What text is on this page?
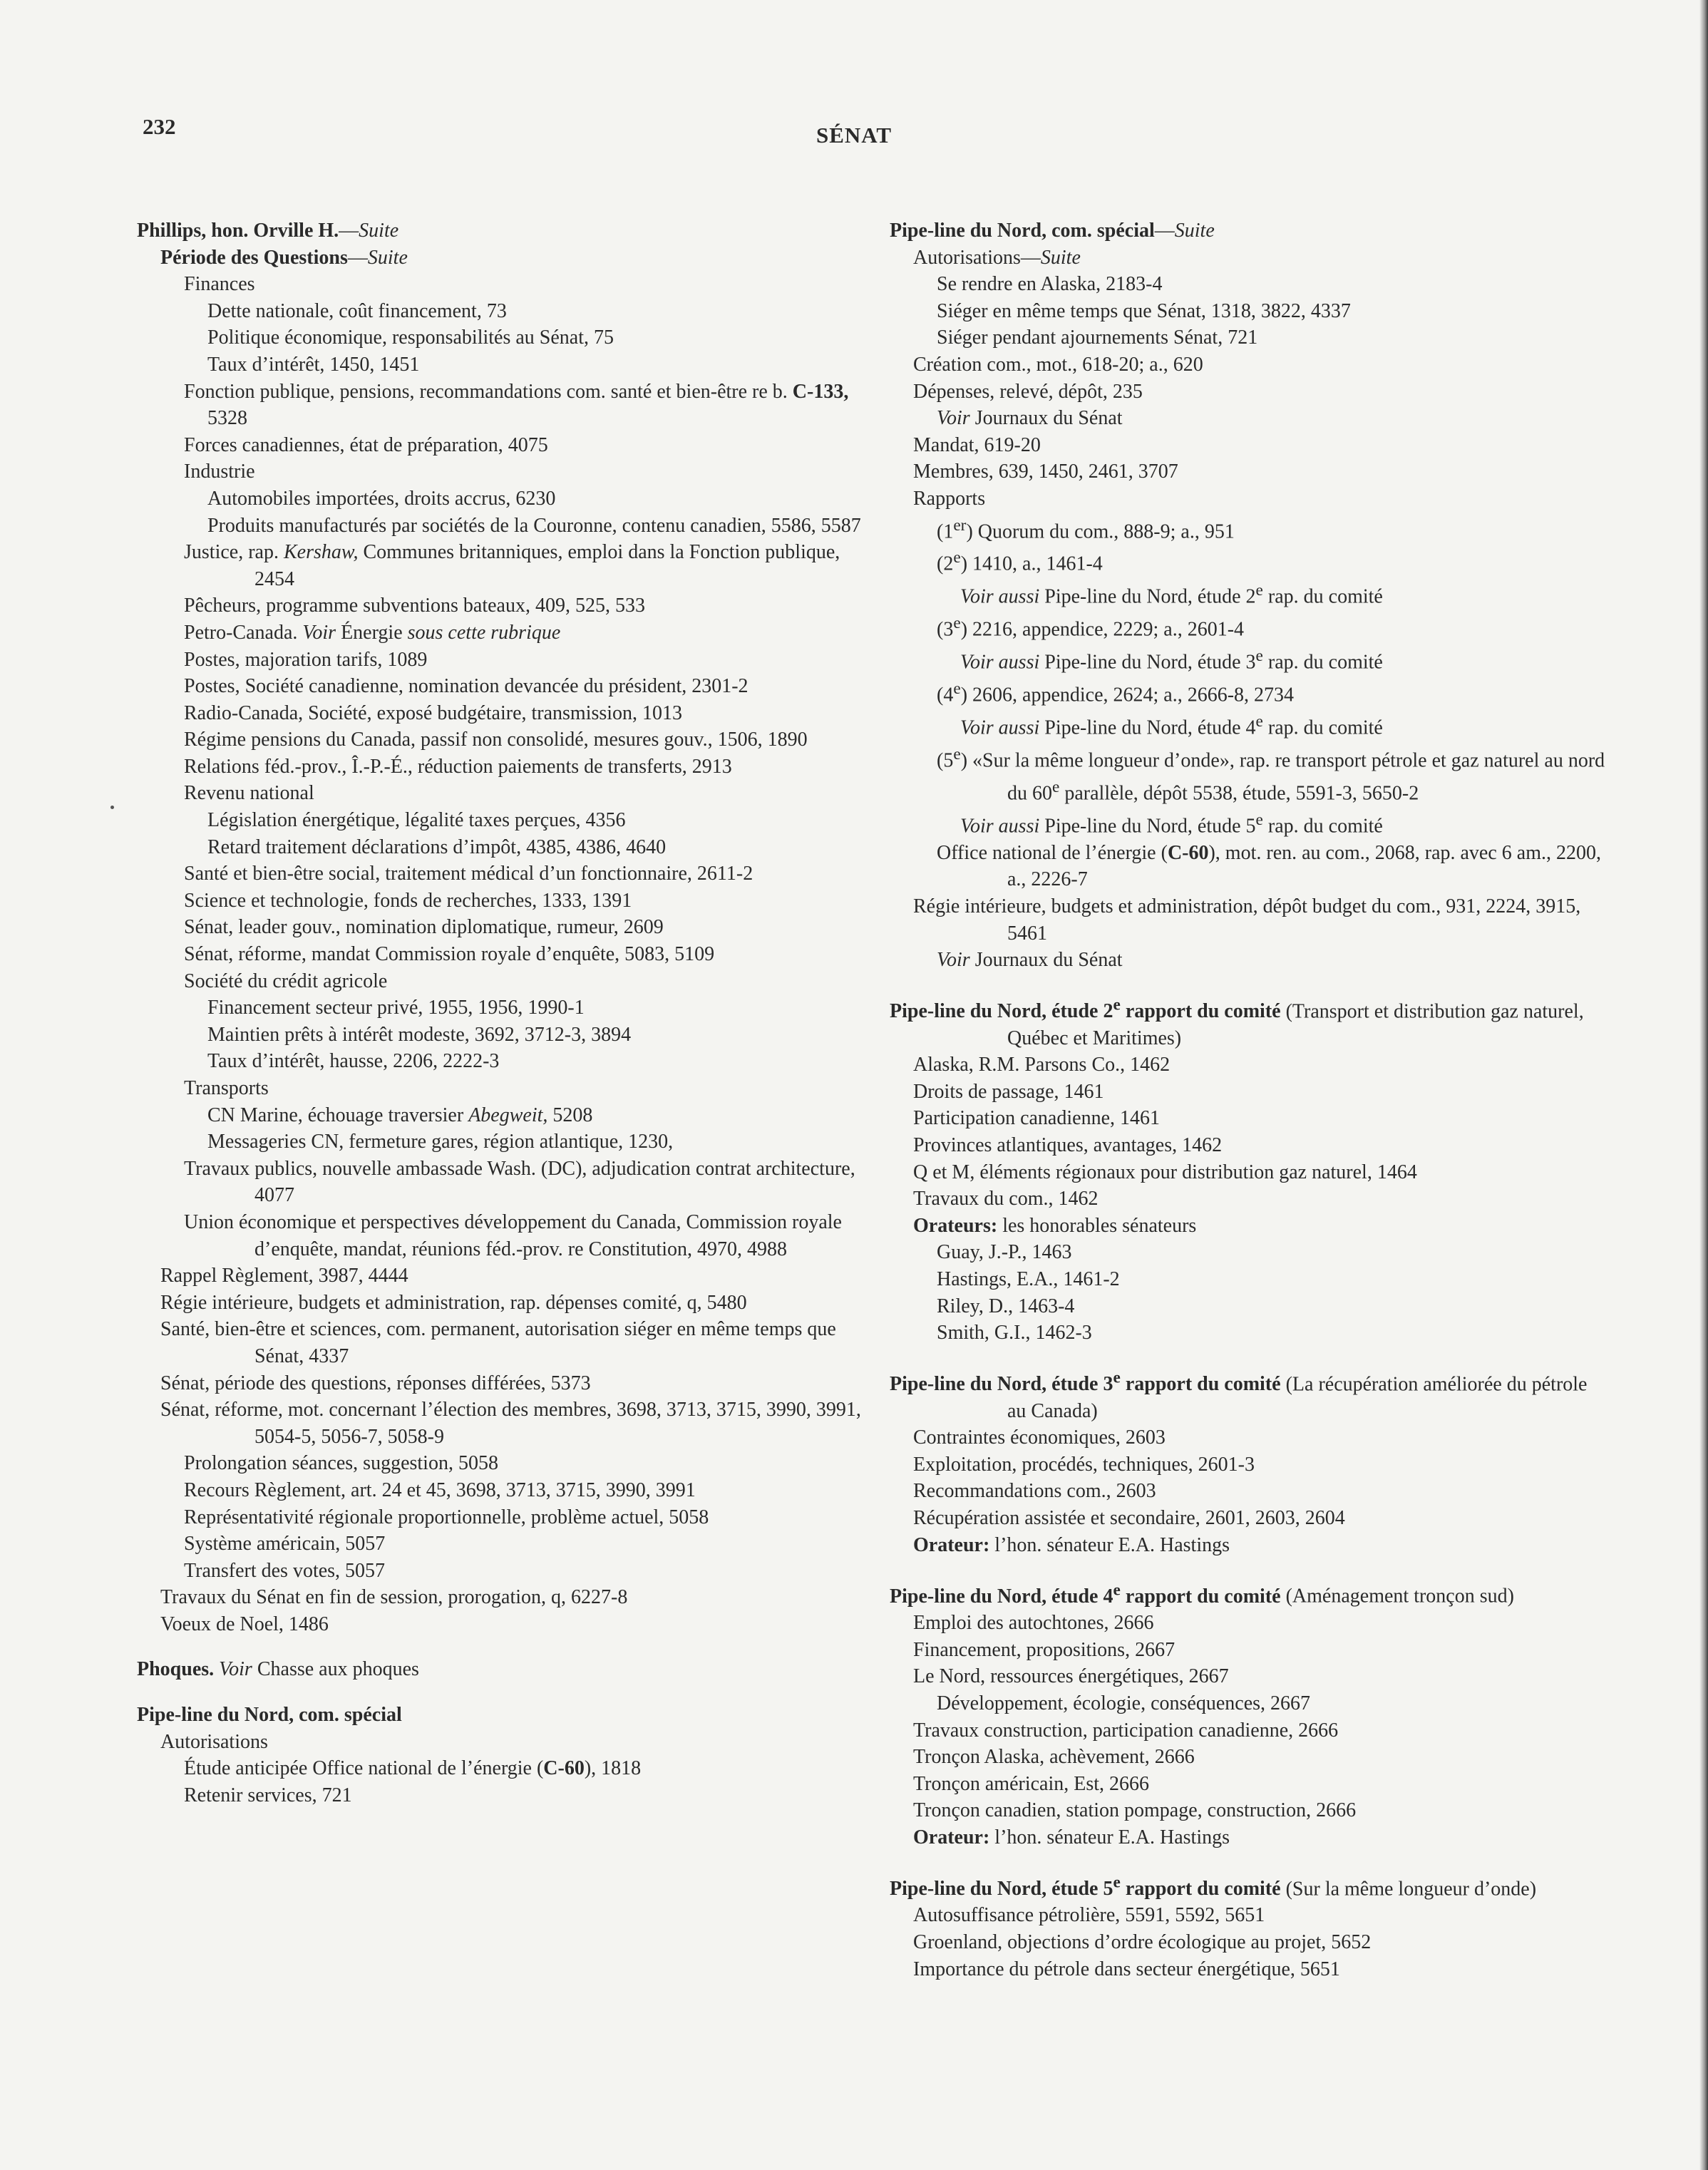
232	SÉNAT
Phillips, hon. Orville H.—Suite
Période des Questions—Suite
Finances
Dette nationale, coût financement, 73
Politique économique, responsabilités au Sénat, 75
Taux d’intérêt, 1450, 1451
Fonction publique, pensions, recommandations com. santé et bien-être re b. C-133, 5328
Forces canadiennes, état de préparation, 4075
Industrie
Automobiles importées, droits accrus, 6230
Produits manufacturés par sociétés de la Couronne, contenu canadien, 5586, 5587
Justice, rap. Kershaw, Communes britanniques, emploi dans la Fonction publique, 2454
Pêcheurs, programme subventions bateaux, 409, 525, 533
Petro-Canada. Voir Énergie sous cette rubrique
Postes, majoration tarifs, 1089
Postes, Société canadienne, nomination devancée du président, 2301-2
Radio-Canada, Société, exposé budgétaire, transmission, 1013
Régime pensions du Canada, passif non consolidé, mesures gouv., 1506, 1890
Relations féd.-prov., Î.-P.-É., réduction paiements de transferts, 2913
Revenu national
Législation énergétique, légalité taxes perçues, 4356
Retard traitement déclarations d’impôt, 4385, 4386, 4640
Santé et bien-être social, traitement médical d’un fonctionnaire, 2611-2
Science et technologie, fonds de recherches, 1333, 1391
Sénat, leader gouv., nomination diplomatique, rumeur, 2609
Sénat, réforme, mandat Commission royale d’enquête, 5083, 5109
Société du crédit agricole
Financement secteur privé, 1955, 1956, 1990-1
Maintien prêts à intérêt modeste, 3692, 3712-3, 3894
Taux d’intérêt, hausse, 2206, 2222-3
Transports
CN Marine, échouage traversier Abegweit, 5208
Messageries CN, fermeture gares, région atlantique, 1230,
Travaux publics, nouvelle ambassade Wash. (DC), adjudication contrat architecture, 4077
Union économique et perspectives développement du Canada, Commission royale d’enquête, mandat, réunions féd.-prov. re Constitution, 4970, 4988
Rappel Règlement, 3987, 4444
Régie intérieure, budgets et administration, rap. dépenses comité, q, 5480
Santé, bien-être et sciences, com. permanent, autorisation siéger en même temps que Sénat, 4337
Sénat, période des questions, réponses différées, 5373
Sénat, réforme, mot. concernant l’élection des membres, 3698, 3713, 3715, 3990, 3991, 5054-5, 5056-7, 5058-9
Prolongation séances, suggestion, 5058
Recours Règlement, art. 24 et 45, 3698, 3713, 3715, 3990, 3991
Représentativité régionale proportionnelle, problème actuel, 5058
Système américain, 5057
Transfert des votes, 5057
Travaux du Sénat en fin de session, prorogation, q, 6227-8
Voeux de Noel, 1486
Phoques. Voir Chasse aux phoques
Pipe-line du Nord, com. spécial
Autorisations
Étude anticipée Office national de l’énergie (C-60), 1818
Retenir services, 721
Pipe-line du Nord, com. spécial—Suite
Autorisations—Suite
Se rendre en Alaska, 2183-4
Siéger en même temps que Sénat, 1318, 3822, 4337
Siéger pendant ajournements Sénat, 721
Création com., mot., 618-20; a., 620
Dépenses, relevé, dépôt, 235
Voir Journaux du Sénat
Mandat, 619-20
Membres, 639, 1450, 2461, 3707
Rapports
(1er) Quorum du com., 888-9; a., 951
(2e) 1410, a., 1461-4
Voir aussi Pipe-line du Nord, étude 2e rap. du comité
(3e) 2216, appendice, 2229; a., 2601-4
Voir aussi Pipe-line du Nord, étude 3e rap. du comité
(4e) 2606, appendice, 2624; a., 2666-8, 2734
Voir aussi Pipe-line du Nord, étude 4e rap. du comité
(5e) «Sur la même longueur d’onde», rap. re transport pétrole et gaz naturel au nord du 60e parallèle, dépôt 5538, étude, 5591-3, 5650-2
Voir aussi Pipe-line du Nord, étude 5e rap. du comité
Office national de l’énergie (C-60), mot. ren. au com., 2068, rap. avec 6 am., 2200, a., 2226-7
Régie intérieure, budgets et administration, dépôt budget du com., 931, 2224, 3915, 5461
Voir Journaux du Sénat
Pipe-line du Nord, étude 2e rapport du comité (Transport et distribution gaz naturel, Québec et Maritimes)
Alaska, R.M. Parsons Co., 1462
Droits de passage, 1461
Participation canadienne, 1461
Provinces atlantiques, avantages, 1462
Q et M, éléments régionaux pour distribution gaz naturel, 1464
Travaux du com., 1462
Orateurs: les honorables sénateurs
Guay, J.-P., 1463
Hastings, E.A., 1461-2
Riley, D., 1463-4
Smith, G.I., 1462-3
Pipe-line du Nord, étude 3e rapport du comité (La récupération améliorée du pétrole au Canada)
Contraintes économiques, 2603
Exploitation, procédés, techniques, 2601-3
Recommandations com., 2603
Récupération assistée et secondaire, 2601, 2603, 2604
Orateur: l’hon. sénateur E.A. Hastings
Pipe-line du Nord, étude 4e rapport du comité (Aménagement tronçon sud)
Emploi des autochtones, 2666
Financement, propositions, 2667
Le Nord, ressources énergétiques, 2667
Développement, écologie, conséquences, 2667
Travaux construction, participation canadienne, 2666
Tronçon Alaska, achèvement, 2666
Tronçon américain, Est, 2666
Tronçon canadien, station pompage, construction, 2666
Orateur: l’hon. sénateur E.A. Hastings
Pipe-line du Nord, étude 5e rapport du comité (Sur la même longueur d’onde)
Autosuffisance pétrolière, 5591, 5592, 5651
Groenland, objections d’ordre écologique au projet, 5652
Importance du pétrole dans secteur énergétique, 5651
